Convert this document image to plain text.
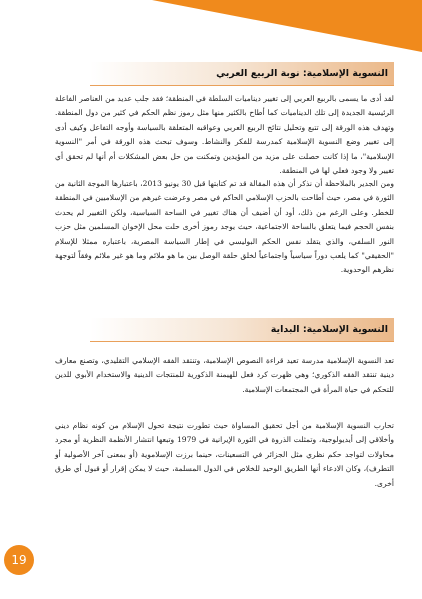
النسوية الإسلامية: نوبة الربيع العربي

لقد أدى ما يسمى بالربيع العربي إلى تغيير ديناميات السلطة في المنطقة؛ فقد جلب عديد من العناصر الفاعلة الرئيسية الجديدة إلى تلك الديناميات كما أطاح بالكثير منها مثل رموز نظم الحكم في كثير من دول المنطقة. وتهدف هذه الورقة إلى تتبع وتحليل نتائج الربيع العربي وعواقبه المتعلقة بالسياسة وأوجه التفاعل وكيف أدى إلى تغيير وضع النسوية الإسلامية كمدرسة للفكر والنشاط. وسوف تبحث هذه الورقة في أمر "النسوية الإسلامية"، ما إذا كانت حصلت على مزيد من المؤيدين وتمكنت من حل بعض المشكلات أم أنها لم تحقق أي تغيير ولا وجود فعلي لها في المنطقة.

ومن الجدير بالملاحظة أن نذكر أن هذه المقالة قد تم كتابتها قبل 30 يونيو 2013، باعتبارها الموجة الثانية من الثورة في مصر، حيث أطاحت بالحزب الإسلامي الحاكم في مصر وعرضت غيرهم من الإسلاميين في المنطقة للخطر. وعلى الرغم من ذلك، أود أن أضيف أن هناك تغيير في الساحة السياسية، ولكن التغيير لم يحدث بنفس الحجم فيما يتعلق بالساحة الاجتماعية، حيث يوجد رموز أخرى حلت محل الإخوان المسلمين مثل حزب النور السلفي، والذي يتقلد نفس الحكم البوليسي في إطار السياسة المصرية، باعتباره ممثلا للإسلام "الحقيقي" كما يلعب دوراً سياسياً واجتماعياً لخلق حلقة الوصل بين ما هو ملائم وما هو غير ملائم وفقاً لتوجهة نظرهم الوحدوية.

النسوية الإسلامية: البداية

تعد النسوية الإسلامية مدرسة تعيد قراءة النصوص الإسلامية، وتنتقد الفقه الإسلامي التقليدي، وتصنع معارف دينية تنتقد الفقه الذكوري؛ وهي ظهرت كرد فعل للهيمنة الذكورية للمنتجات الدينية والاستخدام الأبوي للدين للتحكم في حياة المرأة في المجتمعات الإسلامية.

تحارب النسوية الإسلامية من أجل تحقيق المساواة حيث تطورت نتيجة تحول الإسلام من كونه نظام ديني وأخلاقي إلى أيديولوجية، وتمثلت الذروة في الثورة الإيرانية في 1979 وتبعها انتشار الأنظمة النظرية أو مجرد محاولات لتواجد حكم نظري مثل الجزائر في التسعينات، حينما برزت الإسلاموية (أو بمعنى آخر الأصولية أو التطرف)، وكان الادعاء أنها الطريق الوحيد للخلاص في الدول المسلمة، حيث لا يمكن إقرار أو قبول أي طرق أخرى.

19
